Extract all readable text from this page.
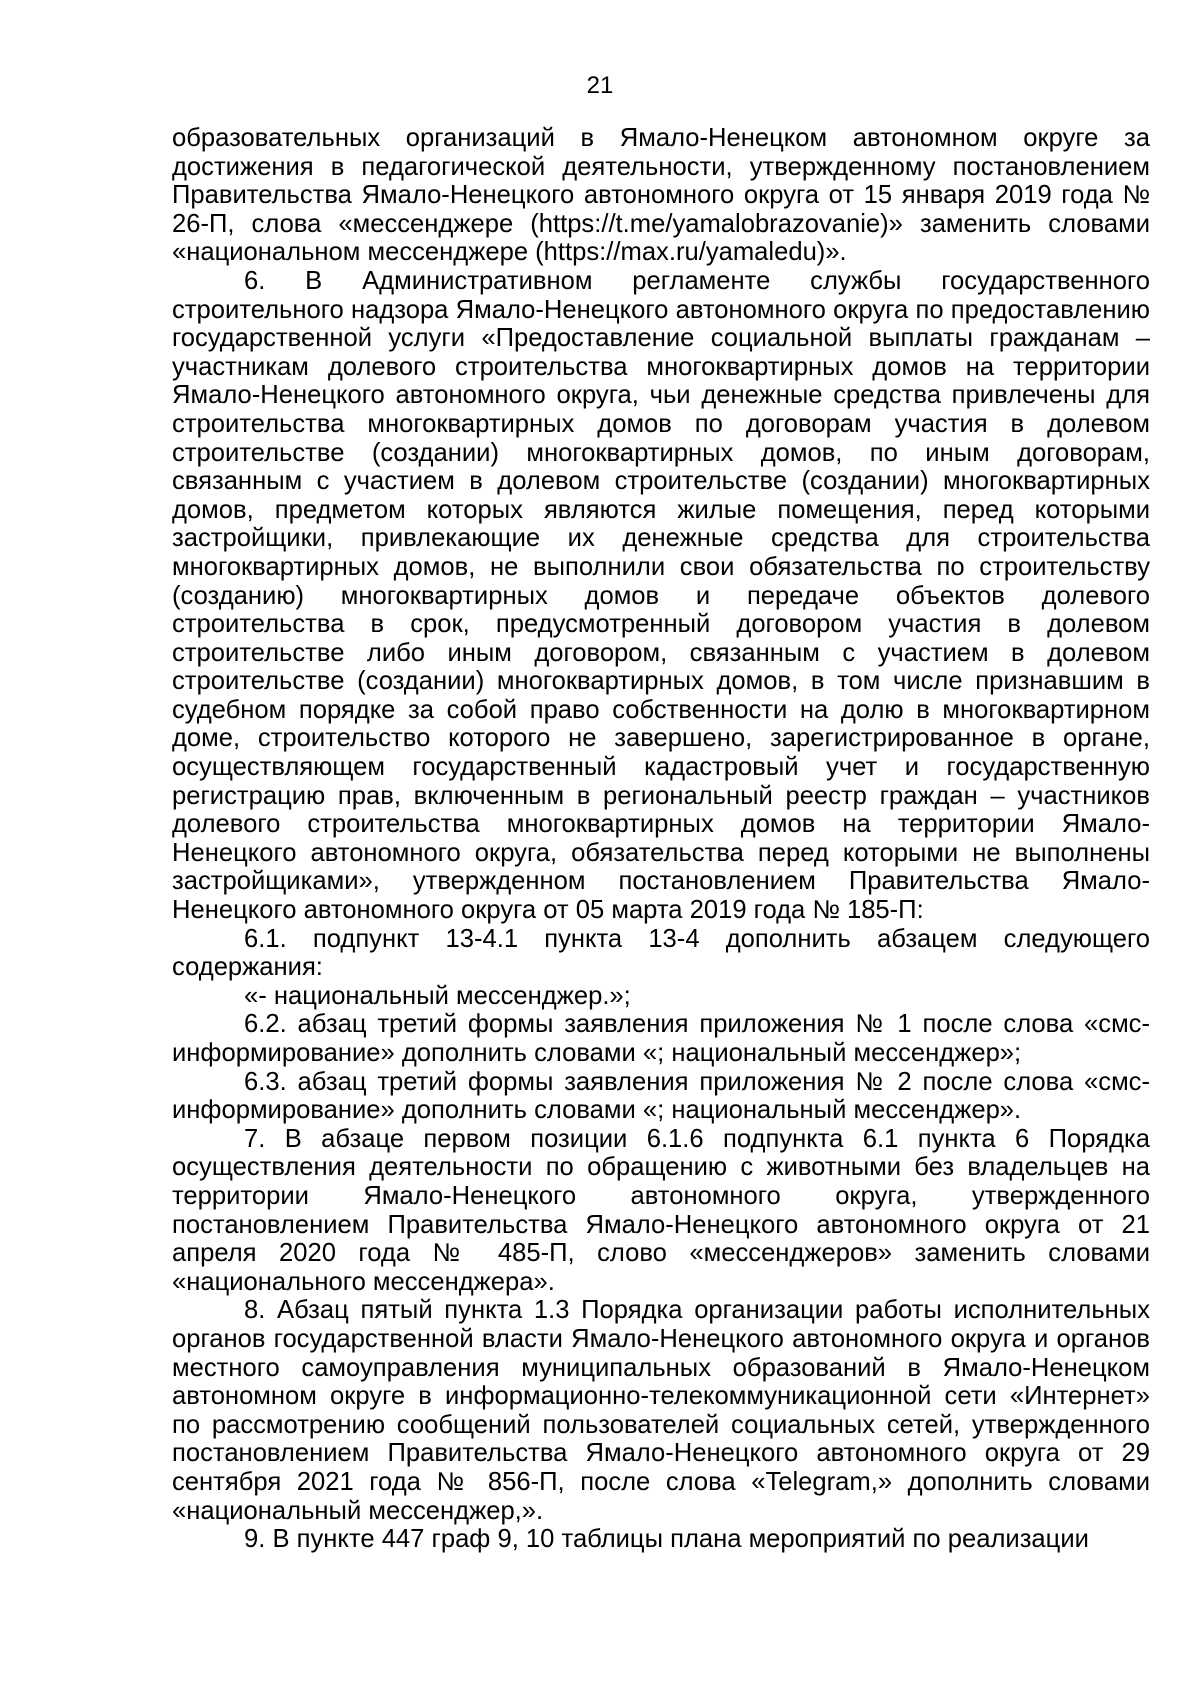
21

образовательных организаций в Ямало-Ненецком автономном округе за достижения в педагогической деятельности, утвержденному постановлением Правительства Ямало-Ненецкого автономного округа от 15 января 2019 года № 26-П, слова «мессенджере (https://t.me/yamalobrazovanie)» заменить словами «национальном мессенджере (https://max.ru/yamaledu)».

6. В Административном регламенте службы государственного строительного надзора Ямало-Ненецкого автономного округа по предоставлению государственной услуги «Предоставление социальной выплаты гражданам – участникам долевого строительства многоквартирных домов на территории Ямало-Ненецкого автономного округа, чьи денежные средства привлечены для строительства многоквартирных домов по договорам участия в долевом строительстве (создании) многоквартирных домов, по иным договорам, связанным с участием в долевом строительстве (создании) многоквартирных домов, предметом которых являются жилые помещения, перед которыми застройщики, привлекающие их денежные средства для строительства многоквартирных домов, не выполнили свои обязательства по строительству (созданию) многоквартирных домов и передаче объектов долевого строительства в срок, предусмотренный договором участия в долевом строительстве либо иным договором, связанным с участием в долевом строительстве (создании) многоквартирных домов, в том числе признавшим в судебном порядке за собой право собственности на долю в многоквартирном доме, строительство которого не завершено, зарегистрированное в органе, осуществляющем государственный кадастровый учет и государственную регистрацию прав, включенным в региональный реестр граждан – участников долевого строительства многоквартирных домов на территории Ямало-Ненецкого автономного округа, обязательства перед которыми не выполнены застройщиками», утвержденном постановлением Правительства Ямало-Ненецкого автономного округа от 05 марта 2019 года № 185-П:

6.1. подпункт 13-4.1 пункта 13-4 дополнить абзацем следующего содержания:

«- национальный мессенджер.»;

6.2. абзац третий формы заявления приложения № 1 после слова «смс-информирование» дополнить словами «; национальный мессенджер»;

6.3. абзац третий формы заявления приложения № 2 после слова «смс-информирование» дополнить словами «; национальный мессенджер».

7. В абзаце первом позиции 6.1.6 подпункта 6.1 пункта 6 Порядка осуществления деятельности по обращению с животными без владельцев на территории Ямало-Ненецкого автономного округа, утвержденного постановлением Правительства Ямало-Ненецкого автономного округа от 21 апреля 2020 года № 485-П, слово «мессенджеров» заменить словами «национального мессенджера».

8. Абзац пятый пункта 1.3 Порядка организации работы исполнительных органов государственной власти Ямало-Ненецкого автономного округа и органов местного самоуправления муниципальных образований в Ямало-Ненецком автономном округе в информационно-телекоммуникационной сети «Интернет» по рассмотрению сообщений пользователей социальных сетей, утвержденного постановлением Правительства Ямало-Ненецкого автономного округа от 29 сентября 2021 года № 856-П, после слова «Telegram,» дополнить словами «национальный мессенджер,».

9. В пункте 447 граф 9, 10 таблицы плана мероприятий по реализации
